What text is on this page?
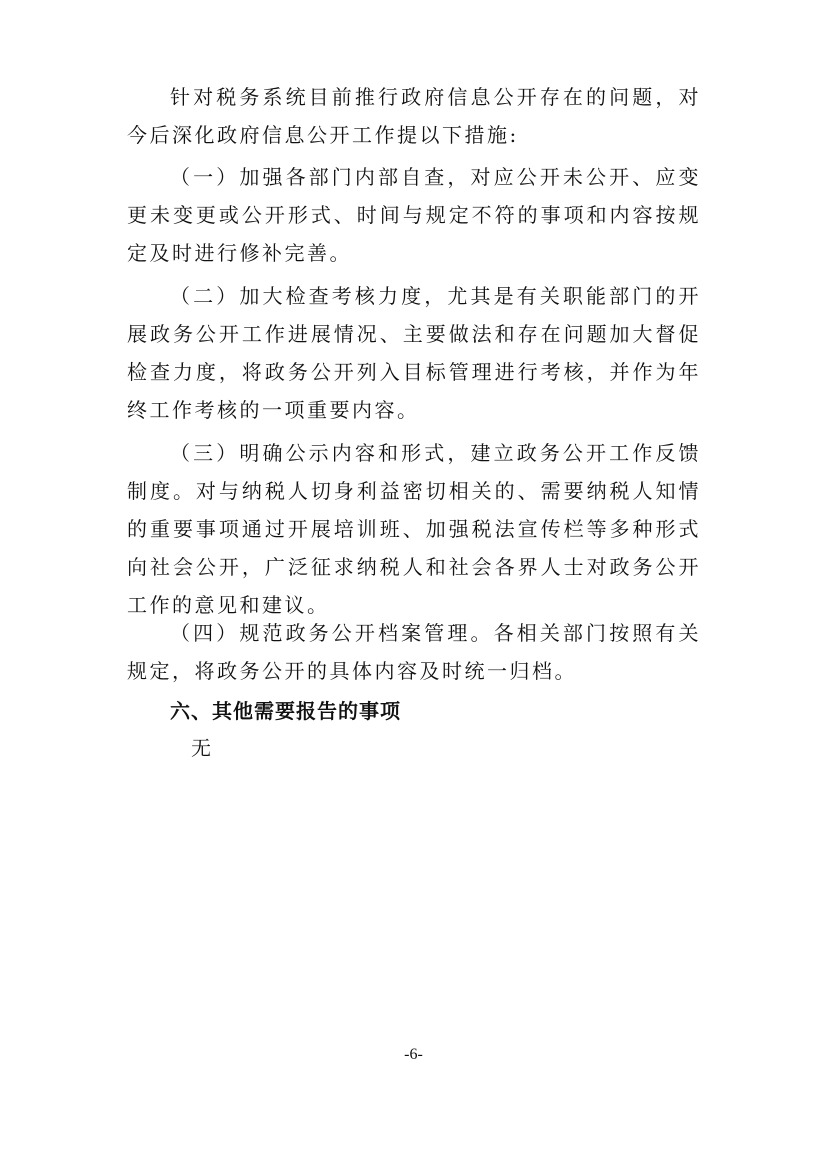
针对税务系统目前推行政府信息公开存在的问题，对今后深化政府信息公开工作提以下措施:

（一）加强各部门内部自查，对应公开未公开、应变更未变更或公开形式、时间与规定不符的事项和内容按规定及时进行修补完善。

（二）加大检查考核力度，尤其是有关职能部门的开展政务公开工作进展情况、主要做法和存在问题加大督促检查力度，将政务公开列入目标管理进行考核，并作为年终工作考核的一项重要内容。

（三）明确公示内容和形式，建立政务公开工作反馈制度。对与纳税人切身利益密切相关的、需要纳税人知情的重要事项通过开展培训班、加强税法宣传栏等多种形式向社会公开，广泛征求纳税人和社会各界人士对政务公开工作的意见和建议。

（四）规范政务公开档案管理。各相关部门按照有关规定，将政务公开的具体内容及时统一归档。

六、其他需要报告的事项

无

-6-
